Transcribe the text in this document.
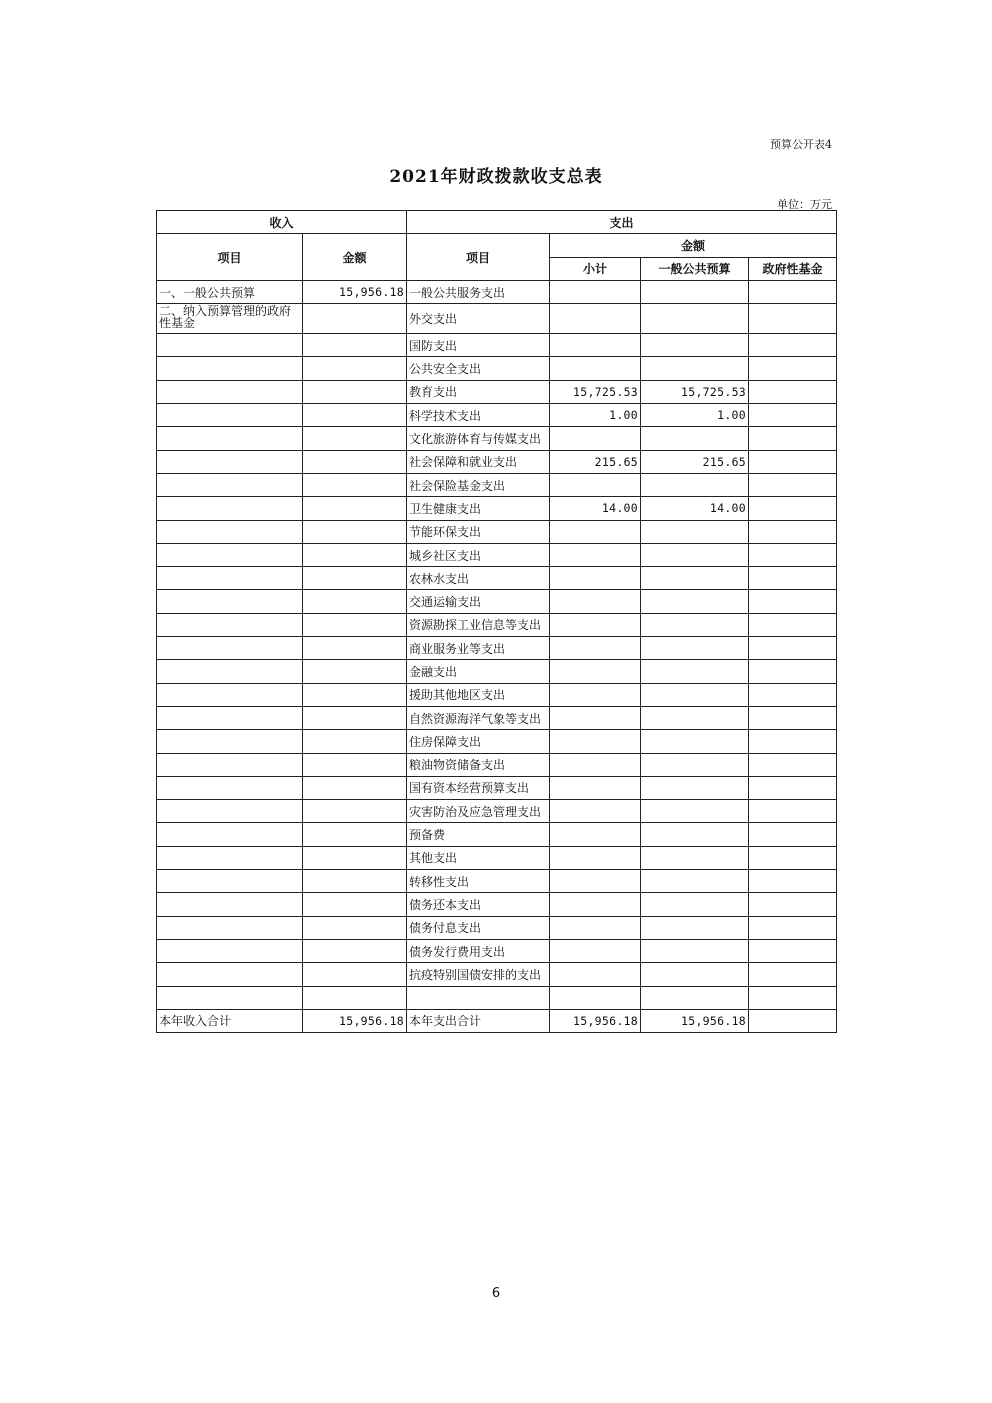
预算公开表4
2021年财政拨款收支总表
单位：万元
收入		支出			
项目	金额	项目	金额		
			小计	一般公共预算	政府性基金
一、一般公共预算	15,956.18	一般公共服务支出			
二、纳入预算管理的政府性基金		外交支出			
		国防支出			
		公共安全支出			
		教育支出	15,725.53	15,725.53	
		科学技术支出	1.00	1.00	
		文化旅游体育与传媒支出			
		社会保障和就业支出	215.65	215.65	
		社会保险基金支出			
		卫生健康支出	14.00	14.00	
		节能环保支出			
		城乡社区支出			
		农林水支出			
		交通运输支出			
		资源勘探工业信息等支出			
		商业服务业等支出			
		金融支出			
		援助其他地区支出			
		自然资源海洋气象等支出			
		住房保障支出			
		粮油物资储备支出			
		国有资本经营预算支出			
		灾害防治及应急管理支出			
		预备费			
		其他支出			
		转移性支出			
		债务还本支出			
		债务付息支出			
		债务发行费用支出			
		抗疫特别国债安排的支出			

本年收入合计	15,956.18	本年支出合计	15,956.18	15,956.18	
6
